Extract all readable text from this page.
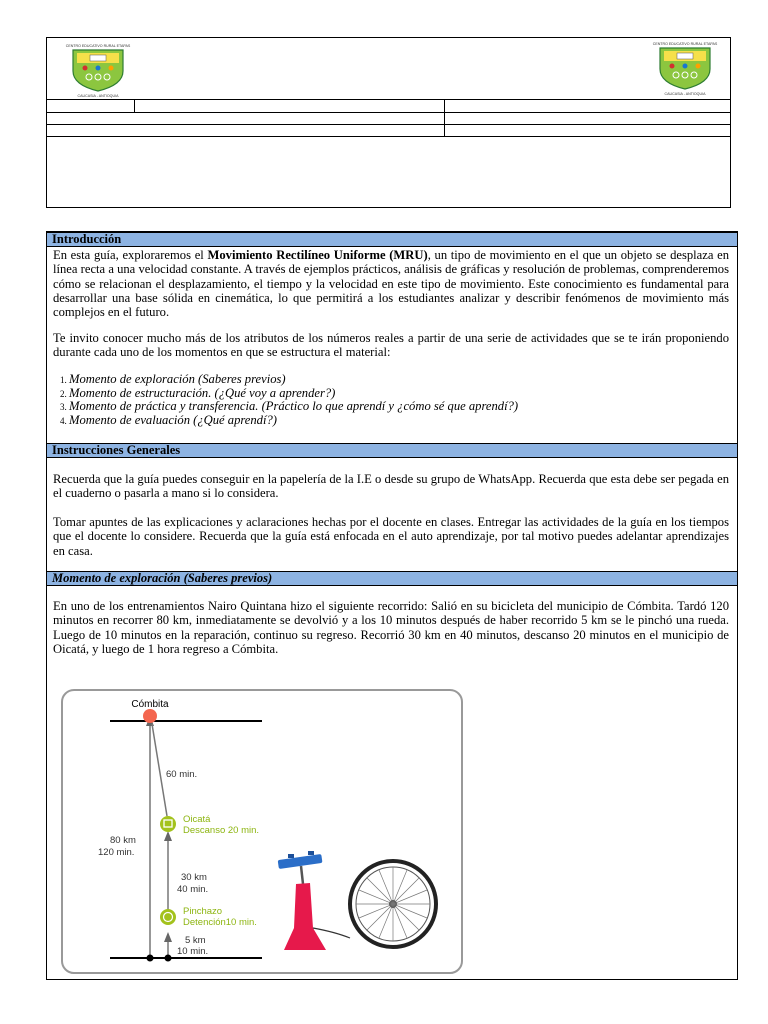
CENTRO EDUCATIVO RURAL ETAPAS
CAUCASIA - ANTIOQUIA
CENTRO EDUCATIVO RURAL ETAPAS
CAUCASIA - ANTIOQUIA
Introducción
En esta guía, exploraremos el Movimiento Rectilíneo Uniforme (MRU), un tipo de movimiento en el que un objeto se desplaza en línea recta a una velocidad constante. A través de ejemplos prácticos, análisis de gráficas y resolución de problemas, comprenderemos cómo se relacionan el desplazamiento, el tiempo y la velocidad en este tipo de movimiento. Este conocimiento es fundamental para desarrollar una base sólida en cinemática, lo que permitirá a los estudiantes analizar y describir fenómenos de movimiento más complejos en el futuro.
Te invito conocer mucho más de los atributos de los números reales a partir de una serie de actividades que se te irán proponiendo durante cada uno de los momentos en que se estructura el material:
1. Momento de exploración (Saberes previos)
2. Momento de estructuración. (¿Qué voy a aprender?)
3. Momento de práctica y transferencia. (Práctico lo que aprendí y ¿cómo sé que aprendí?)
4. Momento de evaluación (¿Qué aprendí?)
Instrucciones Generales
Recuerda que la guía puedes conseguir en la papelería de la I.E o desde su grupo de WhatsApp. Recuerda que esta debe ser pegada en el cuaderno o pasarla a mano si lo considera.
Tomar apuntes de las explicaciones y aclaraciones hechas por el docente en clases. Entregar las actividades de la guía en los tiempos que el docente lo considere. Recuerda que la guía está enfocada en el auto aprendizaje, por tal motivo puedes adelantar aprendizajes en casa.
Momento de exploración (Saberes previos)
En uno de los entrenamientos Nairo Quintana hizo el siguiente recorrido: Salió en su bicicleta del municipio de Cómbita. Tardó 120 minutos en recorrer 80 km, inmediatamente se devolvió y a los 10 minutos después de haber recorrido 5 km se le pinchó una rueda. Luego de 10 minutos en la reparación, continuo su regreso. Recorrió 30 km en 40 minutos, descanso 20 minutos en el municipio de Oicatá, y luego de 1 hora regreso a Cómbita.
Cómbita
Oicatá
Descanso 20 min.
Pinchazo
Detención10 min.
60 min.
80 km
120 min.
30 km
40 min.
5 km
10 min.
